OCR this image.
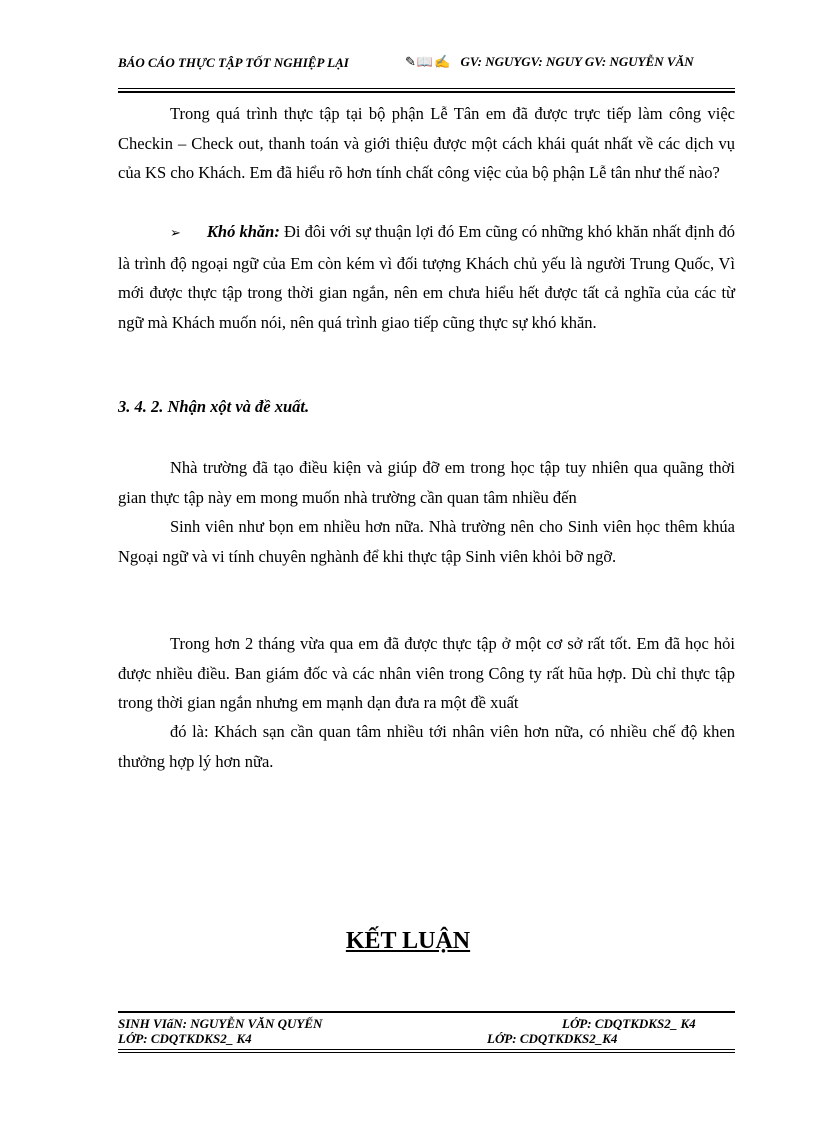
BÁO CÁO THỰC TẬP TỐT NGHIỆP LẠI	✎📖✍ GV: NGUYGV: NGUY GV: NGUYỄN VĂN

Trong quá trình thực tập tại bộ phận Lễ Tân em đã được trực tiếp làm công việc Checkin – Check out, thanh toán và giới thiệu được một cách khái quát nhất về các dịch vụ của KS cho Khách. Em đã hiểu rõ hơn tính chất công việc của bộ phận Lễ tân như thế nào?

➢ Khó khăn: Đi đôi với sự thuận lợi đó Em cũng có những khó khăn nhất định đó là trình độ ngoại ngữ của Em còn kém vì đối tượng Khách chủ yếu là người Trung Quốc, Vì mới được thực tập trong thời gian ngắn, nên em chưa hiểu hết được tất cả nghĩa của các từ ngữ mà Khách muốn nói, nên quá trình giao tiếp cũng thực sự khó khăn.

3. 4. 2. Nhận xột và đề xuất.

Nhà trường đã tạo điều kiện và giúp đỡ em trong học tập tuy nhiên qua quãng thời gian thực tập này em mong muốn nhà trường cần quan tâm nhiều đến

Sinh viên như bọn em nhiều hơn nữa. Nhà trường nên cho Sinh viên học thêm khúa Ngoại ngữ và vi tính chuyên nghành để khi thực tập Sinh viên khỏi bỡ ngỡ.

Trong hơn 2 tháng vừa qua em đã được thực tập ở một cơ sở rất tốt. Em đã học hỏi được nhiều điều. Ban giám đốc và các nhân viên trong Công ty rất hũa hợp. Dù chỉ thực tập trong thời gian ngắn nhưng em mạnh dạn đưa ra một đề xuất

đó là: Khách sạn cần quan tâm nhiều tới nhân viên hơn nữa, có nhiều chế độ khen thưởng hợp lý hơn nữa.

KẾT LUẬN

SINH VIấN: NGUYỄN VĂN QUYẾN	LỚP: CDQTKDKS2_ K4
LỚP: CDQTKDKS2_ K4	LỚP: CDQTKDKS2_K4
